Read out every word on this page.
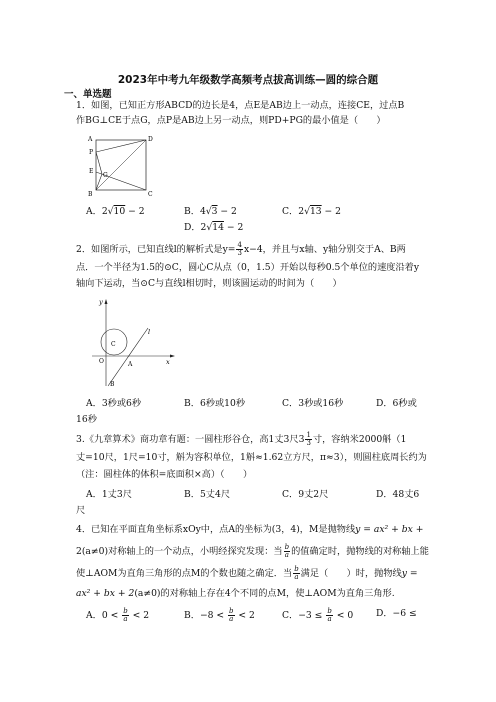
2023年中考九年级数学高频考点拔高训练—圆的综合题
一、单选题
1．如图，已知正方形ABCD的边长是4，点E是AB边上一动点，连接CE，过点B
作BG⊥CE于点G，点P是AB边上另一动点，则PD+PG的最小值是（　　）
A	D
B	C
E
G
P
A．2√10 − 2	B．4√3 − 2	C．2√13 − 2
D．2√14 − 2
2．如图所示，已知直线l的解析式是$y= \frac{4}{3} x-4$，并且与x轴、y轴分别交于A、B两
点．一个半径为1.5的⊙C，圆心C从点（0，1.5）开始以每秒0.5个单位的速度沿着y
轴向下运动，当⊙C与直线l相切时，则该圆运动的时间为（　　）
y
x
O	A
B
C
l
A．3秒或6秒	B．6秒或10秒	C．3秒或16秒	D．6秒或
16秒
3.《九章算术》商功章有题：一圆柱形谷仓，高1丈3尺$3 \frac{1}{3}$ 寸，容纳米2000斛（1
丈=10尺，1尺=10寸，斛为容积单位，1斛≈1.62立方尺，π≈3），则圆柱底周长约为
（注：圆柱体的体积=底面积×高）（　　）
A．1丈3尺	B．5丈4尺	C．9丈2尺	D．48丈6
尺
4．已知在平面直角坐标系xOy中，点A的坐标为(3，4)，M是抛物线y = ax² + bx +
2(a≠0)对称轴上的一个动点，小明经探究发现：当 $\frac{b}{a}$ 的值确定时，抛物线的对称轴上能
使⊥AOM为直角三角形的点M的个数也随之确定．当 $\frac{b}{a}$ 满足（　　）时，抛物线y =
ax² + bx + 2(a≠0)的对称轴上存在4个不同的点M，使⊥AOM为直角三角形.
A．$0 < \frac{b}{a} < 2$	B．$-8 < \frac{b}{a} < 2$	C．$-3 \le \frac{b}{a} < 0$ D．−6 ≤
